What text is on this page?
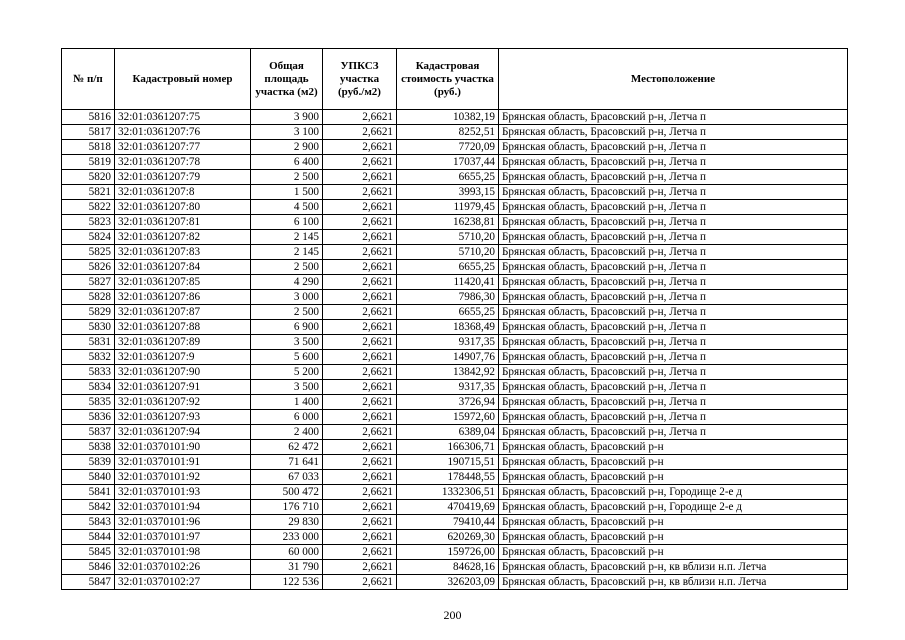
№ п/п	Кадастровый номер	Общая площадь участка (м2)	УПКСЗ участка (руб./м2)	Кадастровая стоимость участка (руб.)	Местоположение
5816	32:01:0361207:75	3 900	2,6621	10382,19	Брянская область, Брасовский р-н, Летча п
5817	32:01:0361207:76	3 100	2,6621	8252,51	Брянская область, Брасовский р-н, Летча п
5818	32:01:0361207:77	2 900	2,6621	7720,09	Брянская область, Брасовский р-н, Летча п
5819	32:01:0361207:78	6 400	2,6621	17037,44	Брянская область, Брасовский р-н, Летча п
5820	32:01:0361207:79	2 500	2,6621	6655,25	Брянская область, Брасовский р-н, Летча п
5821	32:01:0361207:8	1 500	2,6621	3993,15	Брянская область, Брасовский р-н, Летча п
5822	32:01:0361207:80	4 500	2,6621	11979,45	Брянская область, Брасовский р-н, Летча п
5823	32:01:0361207:81	6 100	2,6621	16238,81	Брянская область, Брасовский р-н, Летча п
5824	32:01:0361207:82	2 145	2,6621	5710,20	Брянская область, Брасовский р-н, Летча п
5825	32:01:0361207:83	2 145	2,6621	5710,20	Брянская область, Брасовский р-н, Летча п
5826	32:01:0361207:84	2 500	2,6621	6655,25	Брянская область, Брасовский р-н, Летча п
5827	32:01:0361207:85	4 290	2,6621	11420,41	Брянская область, Брасовский р-н, Летча п
5828	32:01:0361207:86	3 000	2,6621	7986,30	Брянская область, Брасовский р-н, Летча п
5829	32:01:0361207:87	2 500	2,6621	6655,25	Брянская область, Брасовский р-н, Летча п
5830	32:01:0361207:88	6 900	2,6621	18368,49	Брянская область, Брасовский р-н, Летча п
5831	32:01:0361207:89	3 500	2,6621	9317,35	Брянская область, Брасовский р-н, Летча п
5832	32:01:0361207:9	5 600	2,6621	14907,76	Брянская область, Брасовский р-н, Летча п
5833	32:01:0361207:90	5 200	2,6621	13842,92	Брянская область, Брасовский р-н, Летча п
5834	32:01:0361207:91	3 500	2,6621	9317,35	Брянская область, Брасовский р-н, Летча п
5835	32:01:0361207:92	1 400	2,6621	3726,94	Брянская область, Брасовский р-н, Летча п
5836	32:01:0361207:93	6 000	2,6621	15972,60	Брянская область, Брасовский р-н, Летча п
5837	32:01:0361207:94	2 400	2,6621	6389,04	Брянская область, Брасовский р-н, Летча п
5838	32:01:0370101:90	62 472	2,6621	166306,71	Брянская область, Брасовский р-н
5839	32:01:0370101:91	71 641	2,6621	190715,51	Брянская область, Брасовский р-н
5840	32:01:0370101:92	67 033	2,6621	178448,55	Брянская область, Брасовский р-н
5841	32:01:0370101:93	500 472	2,6621	1332306,51	Брянская область, Брасовский р-н, Городище 2-е д
5842	32:01:0370101:94	176 710	2,6621	470419,69	Брянская область, Брасовский р-н, Городище 2-е д
5843	32:01:0370101:96	29 830	2,6621	79410,44	Брянская область, Брасовский р-н
5844	32:01:0370101:97	233 000	2,6621	620269,30	Брянская область, Брасовский р-н
5845	32:01:0370101:98	60 000	2,6621	159726,00	Брянская область, Брасовский р-н
5846	32:01:0370102:26	31 790	2,6621	84628,16	Брянская область, Брасовский р-н, кв вблизи н.п. Летча
5847	32:01:0370102:27	122 536	2,6621	326203,09	Брянская область, Брасовский р-н, кв вблизи н.п. Летча
200
